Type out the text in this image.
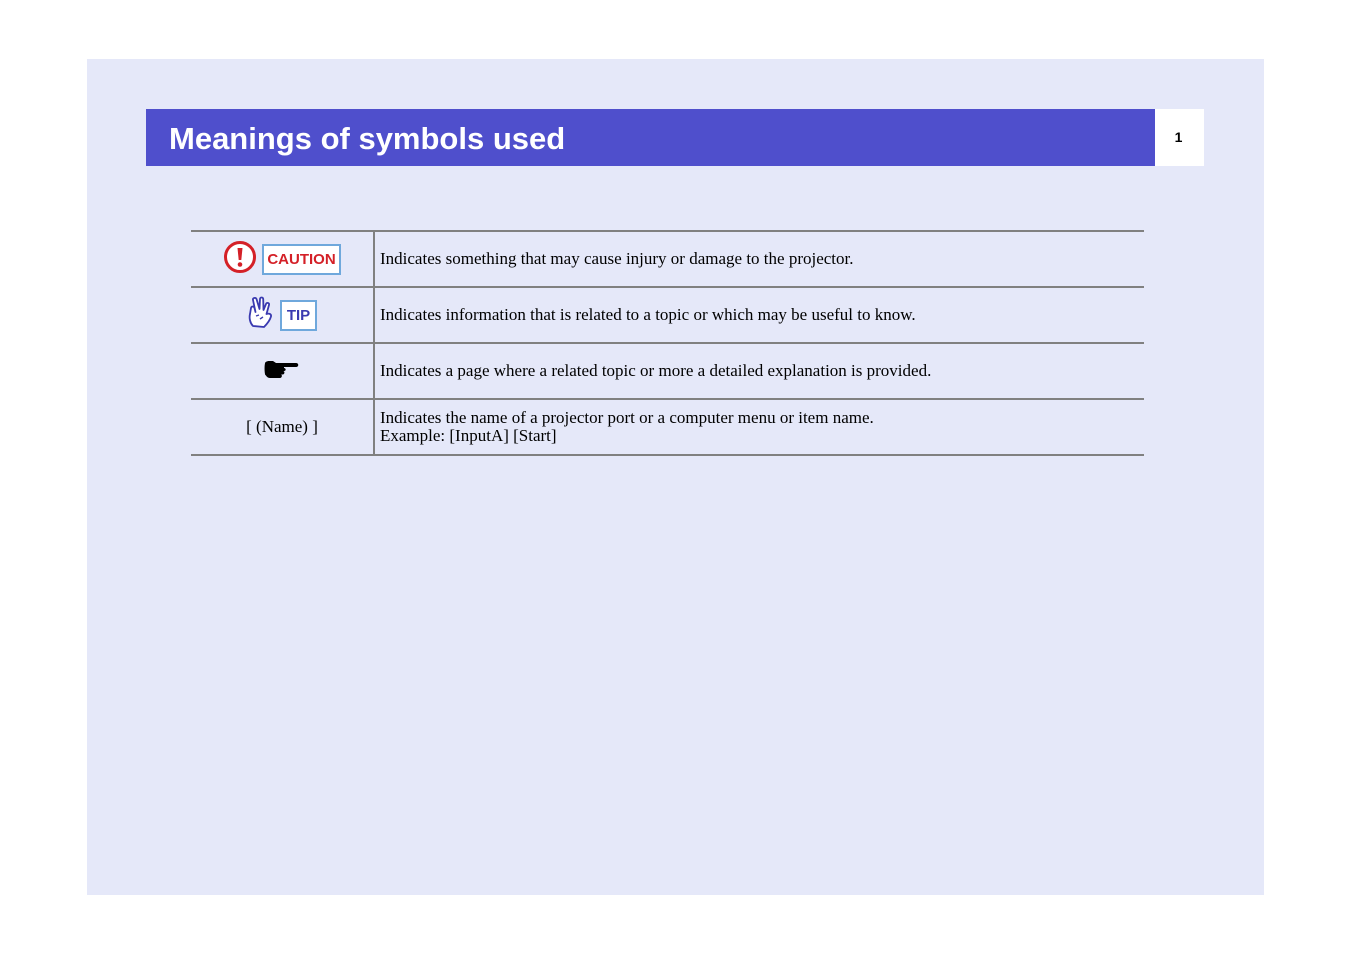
Meanings of symbols used	1
CAUTION	Indicates something that may cause injury or damage to the projector.

TIP	Indicates information that is related to a topic or which may be useful to know.

	Indicates a page where a related topic or more a detailed explanation is provided.
[ (Name) ]	Indicates the name of a projector port or a computer menu or item name.
Example: [InputA] [Start]
